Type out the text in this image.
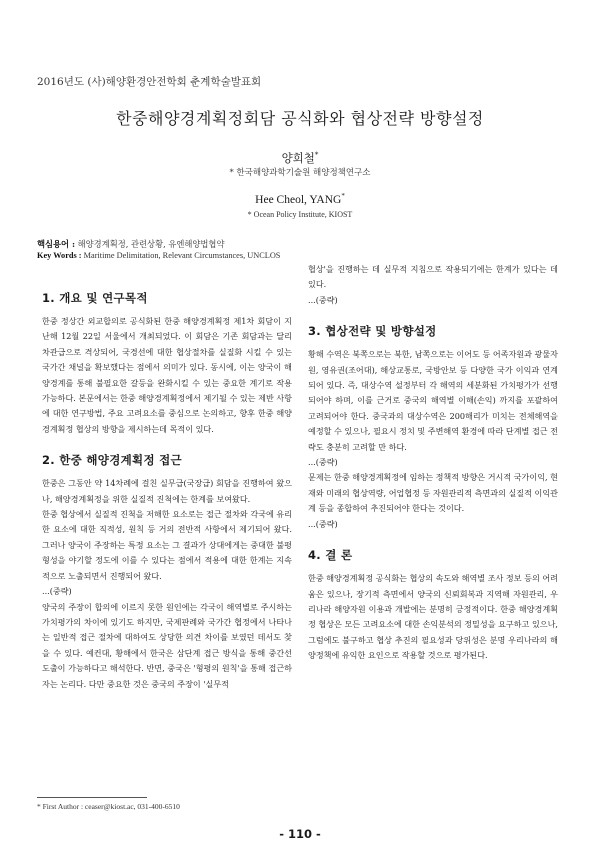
2016년도 (사)해양환경안전학회 춘계학술발표회
한중해양경계획정회담 공식화와 협상전략 방향설정
양희철*
* 한국해양과학기술원 해양정책연구소
Hee Cheol, YANG*
* Ocean Policy Institute, KIOST
핵심용어 : 해양경계획정, 관련상황, 유엔해양법협약
Key Words : Maritime Delimitation, Relevant Circumstances, UNCLOS
1. 개요 및 연구목적

한중 정상간 외교합의로 공식화된 한중 해양경계획정 제1차 회담이 지난해 12월 22일 서울에서 개최되었다. 이 회담은 기존 회담과는 달리 차관급으로 격상되어, 국경선에 대한 협상절차를 실질화 시킬 수 있는 국가간 채널을 확보했다는 점에서 의미가 있다. 동시에, 이는 양국이 해양경계를 통해 불필요한 갈등을 완화시킬 수 있는 중요한 계기로 작용 가능하다. 본문에서는 한중 해양경계획정에서 제기될 수 있는 제반 사항에 대한 연구방법, 주요 고려요소를 중심으로 논의하고, 향후 한중 해양경계획정 협상의 방향을 제시하는데 목적이 있다.

2. 한중 해양경계획정 접근

한중은 그동안 약 14차례에 걸친 실무급(국장급) 회담을 진행하여 왔으나, 해양경계획정을 위한 실질적 진척에는 한계를 보여왔다.

한중 협상에서 실질적 진척을 저해한 요소로는 접근 절차와 각국에 유리한 요소에 대한 직적성, 원칙 등 거의 전반적 사항에서 제기되어 왔다. 그러나 양국이 주장하는 특정 요소는 그 결과가 상대에게는 중대한 불평형성을 야기할 정도에 이를 수 있다는 점에서 적용에 대한 한계는 지속적으로 노출되면서 진행되어 왔다.

...(중략)

양국의 주장이 합의에 이르지 못한 원인에는 각국이 해역별로 주시하는 가치평가의 차이에 있기도 하지만, 국제판례와 국가간 협정에서 나타나는 일반적 접근 절차에 대하여도 상당한 의견 차이를 보였던 데서도 찾을 수 있다. 예컨대, 황해에서 한국은 삼단계 접근 방식을 통해 중간선 도출이 가능하다고 해석한다. 반면, 중국은 '형평의 원칙'을 통해 접근하자는 논리다. 다만 중요한 것은 중국의 주장이 '실무적

협상'을 진행하는 데 실무적 지침으로 작용되기에는 한계가 있다는 데 있다.

...(중략)

3. 협상전략 및 방향설정

황해 수역은 북쪽으로는 북한, 남쪽으로는 이어도 등 어족자원과 광물자원, 영유권(조어대), 해상교통로, 국방안보 등 다양한 국가 이익과 연계되어 있다. 즉, 대상수역 설정부터 각 해역의 세분화된 가치평가가 선행되어야 하며, 이를 근거로 중국의 해역별 이해(손익) 까지를 포괄하여 고려되어야 한다. 중국과의 대상수역은 200해리가 미치는 전체해역을 예정할 수 있으나, 필요시 정치 및 주변해역 환경에 따라 단계별 접근 전략도 충분히 고려할 만 하다.

...(중략)

문제는 한중 해양경계획정에 임하는 정책적 방향은 거시적 국가이익, 현재와 미래의 협상역량, 어업협정 등 자원관리적 측면과의 실질적 이익관계 등을 종합하여 추진되어야 한다는 것이다.

...(중략)

4. 결 론

한중 해양경계획정 공식화는 협상의 속도와 해역별 조사 정보 등의 어려움은 있으나, 장기적 측면에서 양국의 신뢰회복과 지역해 자원관리, 우리나라 해양자원 이용과 개발에는 분명히 긍정적이다. 한중 해양경계획정 협상은 모든 고려요소에 대한 손익분석의 정밀성을 요구하고 있으나, 그럼에도 불구하고 협상 추진의 필요성과 당위성은 분명 우리나라의 해양정책에 유익한 요인으로 작용할 것으로 평가된다.

* First Author : ceaser@kiost.ac, 031-400-6510
- 110 -
